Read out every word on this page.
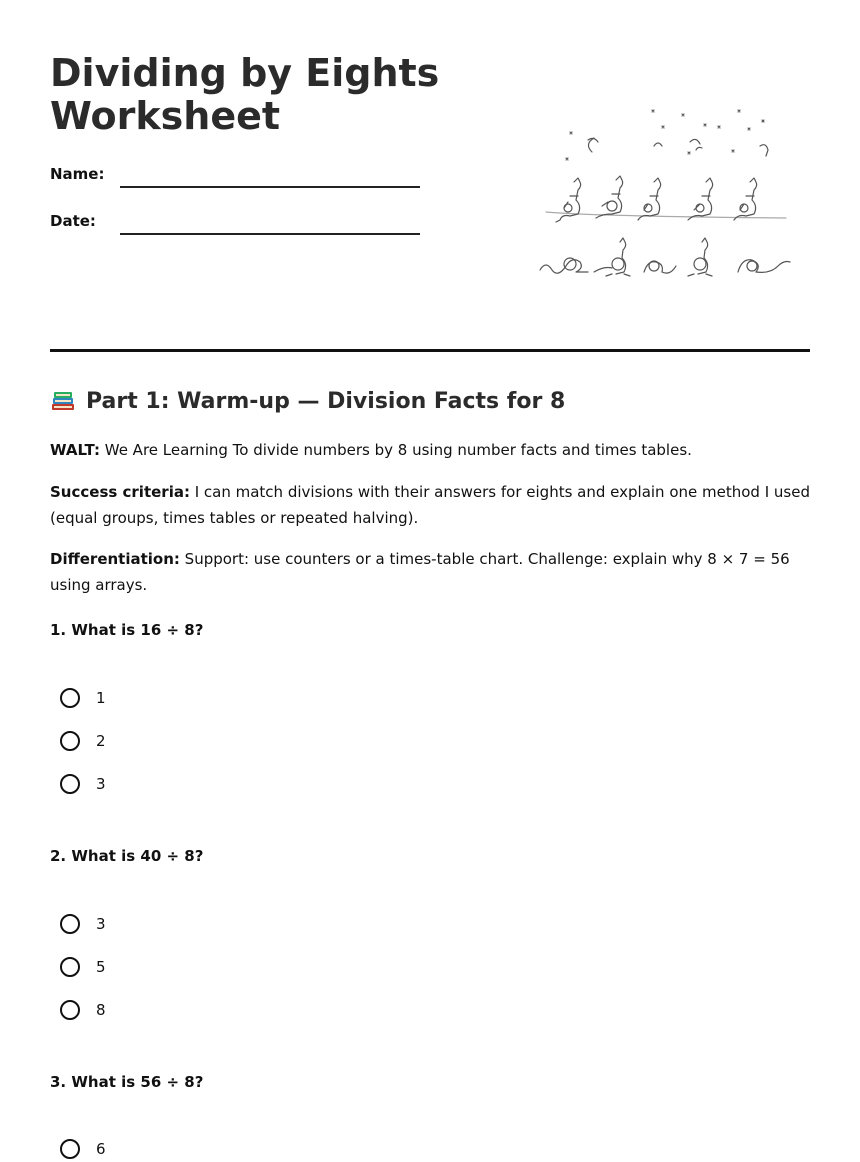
Dividing by Eights
Worksheet
Name:
Date:
Part 1: Warm-up — Division Facts for 8

WALT: We Are Learning To divide numbers by 8 using number facts and times tables.

Success criteria: I can match divisions with their answers for eights and explain one method I used (equal groups, times tables or repeated halving).

Differentiation: Support: use counters or a times-table chart. Challenge: explain why 8 × 7 = 56 using arrays.

1. What is 16 ÷ 8?

1
2
3

2. What is 40 ÷ 8?

3
5
8

3. What is 56 ÷ 8?

6
